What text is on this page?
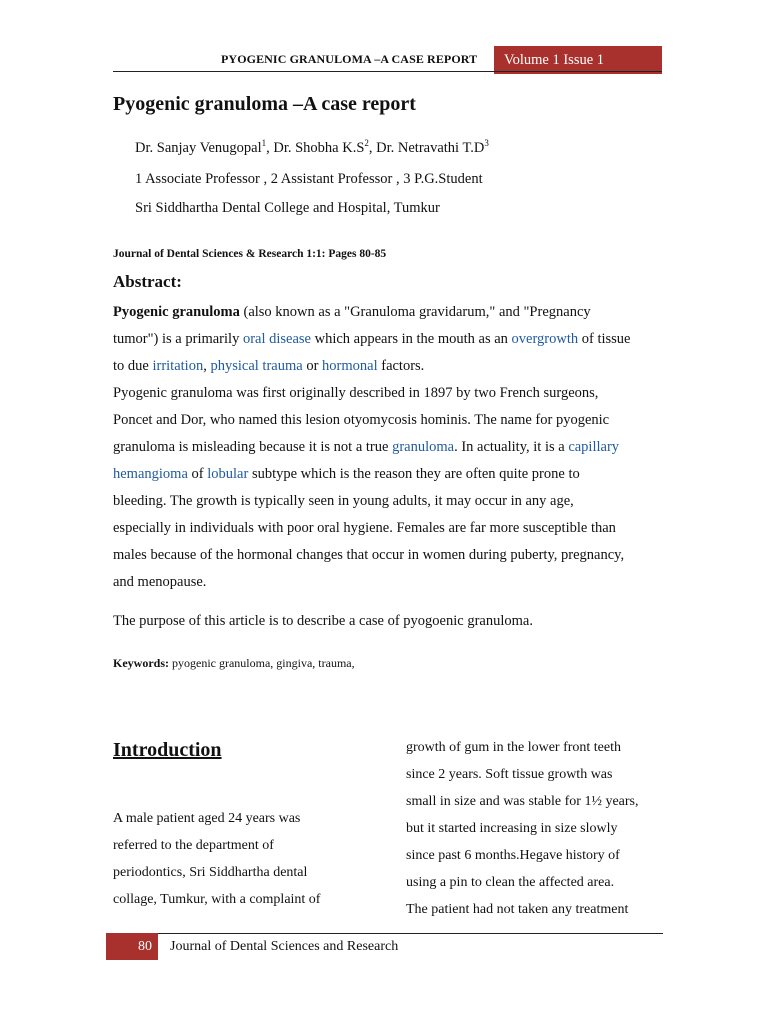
PYOGENIC GRANULOMA –A CASE REPORT	Volume 1 Issue 1
Pyogenic granuloma –A case report
Dr. Sanjay Venugopal$^1$, Dr. Shobha $K.S^2$, Dr. Netravathi $T.D^3$
1 Associate Professor , 2 Assistant Professor , 3 P.G.Student
Sri Siddhartha Dental College and Hospital, Tumkur
Journal of Dental Sciences & Research 1:1: Pages 80-85
Abstract:

Pyogenic granuloma (also known as a "Granuloma gravidarum," and "Pregnancy

tumor") is a primarily oral disease which appears in the mouth as an overgrowth of tissue

to due irritation, physical trauma or hormonal factors.

Pyogenic granuloma was first originally described in 1897 by two French surgeons,

Poncet and Dor, who named this lesion otyomycosis hominis. The name for pyogenic

granuloma is misleading because it is not a true granuloma. In actuality, it is a capillary

hemangioma of lobular subtype which is the reason they are often quite prone to

bleeding. The growth is typically seen in young adults, it may occur in any age,

especially in individuals with poor oral hygiene. Females are far more susceptible than

males because of the hormonal changes that occur in women during puberty, pregnancy,

and menopause.

The purpose of this article is to describe a case of pyogoenic granuloma.
Keywords: pyogenic granuloma, gingiva, trauma,
Introduction
A male patient aged 24 years was
referred to the department of
periodontics, Sri Siddhartha dental
collage, Tumkur, with a complaint of
growth of gum in the lower front teeth
since 2 years. Soft tissue growth was
small in size and was stable for 1½ years,
but it started increasing in size slowly
since past 6 months.Hegave history of
using a pin to clean the affected area.
The patient had not taken any treatment
80	Journal of Dental Sciences and Research
